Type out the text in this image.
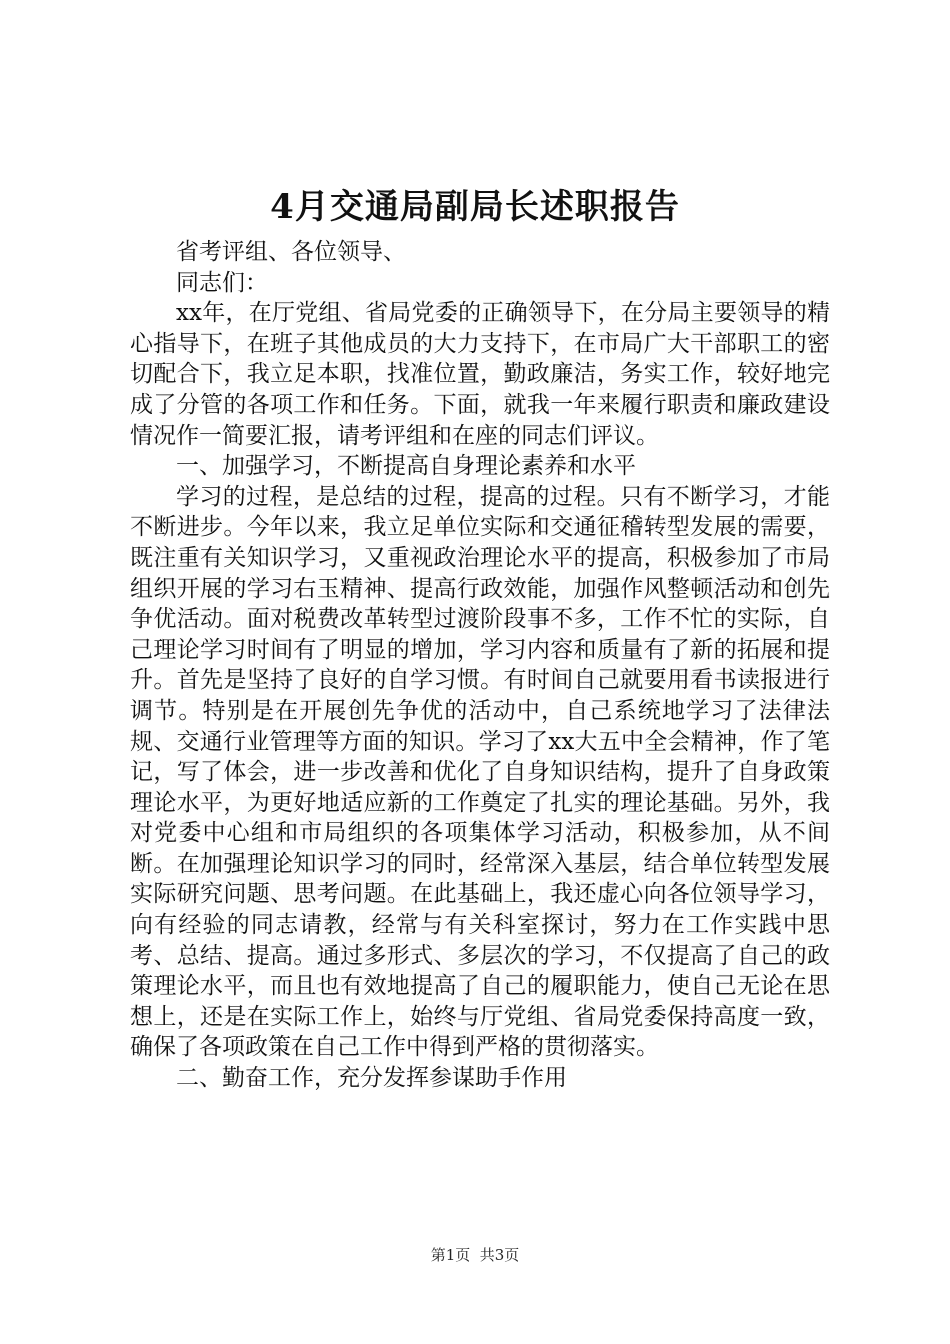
4月交通局副局长述职报告

省考评组、各位领导、

同志们：

xx年，在厅党组、省局党委的正确领导下，在分局主要领导的精心指导下，在班子其他成员的大力支持下，在市局广大干部职工的密切配合下，我立足本职，找准位置，勤政廉洁，务实工作，较好地完成了分管的各项工作和任务。下面，就我一年来履行职责和廉政建设情况作一简要汇报，请考评组和在座的同志们评议。

一、加强学习，不断提高自身理论素养和水平

学习的过程，是总结的过程，提高的过程。只有不断学习，才能不断进步。今年以来，我立足单位实际和交通征稽转型发展的需要，既注重有关知识学习，又重视政治理论水平的提高，积极参加了市局组织开展的学习右玉精神、提高行政效能，加强作风整顿活动和创先争优活动。面对税费改革转型过渡阶段事不多，工作不忙的实际，自己理论学习时间有了明显的增加，学习内容和质量有了新的拓展和提升。首先是坚持了良好的自学习惯。有时间自己就要用看书读报进行调节。特别是在开展创先争优的活动中，自己系统地学习了法律法规、交通行业管理等方面的知识。学习了xx大五中全会精神，作了笔记，写了体会，进一步改善和优化了自身知识结构，提升了自身政策理论水平，为更好地适应新的工作奠定了扎实的理论基础。另外，我对党委中心组和市局组织的各项集体学习活动，积极参加，从不间断。在加强理论知识学习的同时，经常深入基层，结合单位转型发展实际研究问题、思考问题。在此基础上，我还虚心向各位领导学习，向有经验的同志请教，经常与有关科室探讨，努力在工作实践中思考、总结、提高。通过多形式、多层次的学习，不仅提高了自己的政策理论水平，而且也有效地提高了自己的履职能力，使自己无论在思想上，还是在实际工作上，始终与厅党组、省局党委保持高度一致，确保了各项政策在自己工作中得到严格的贯彻落实。

二、勤奋工作，充分发挥参谋助手作用

第1页  共3页
